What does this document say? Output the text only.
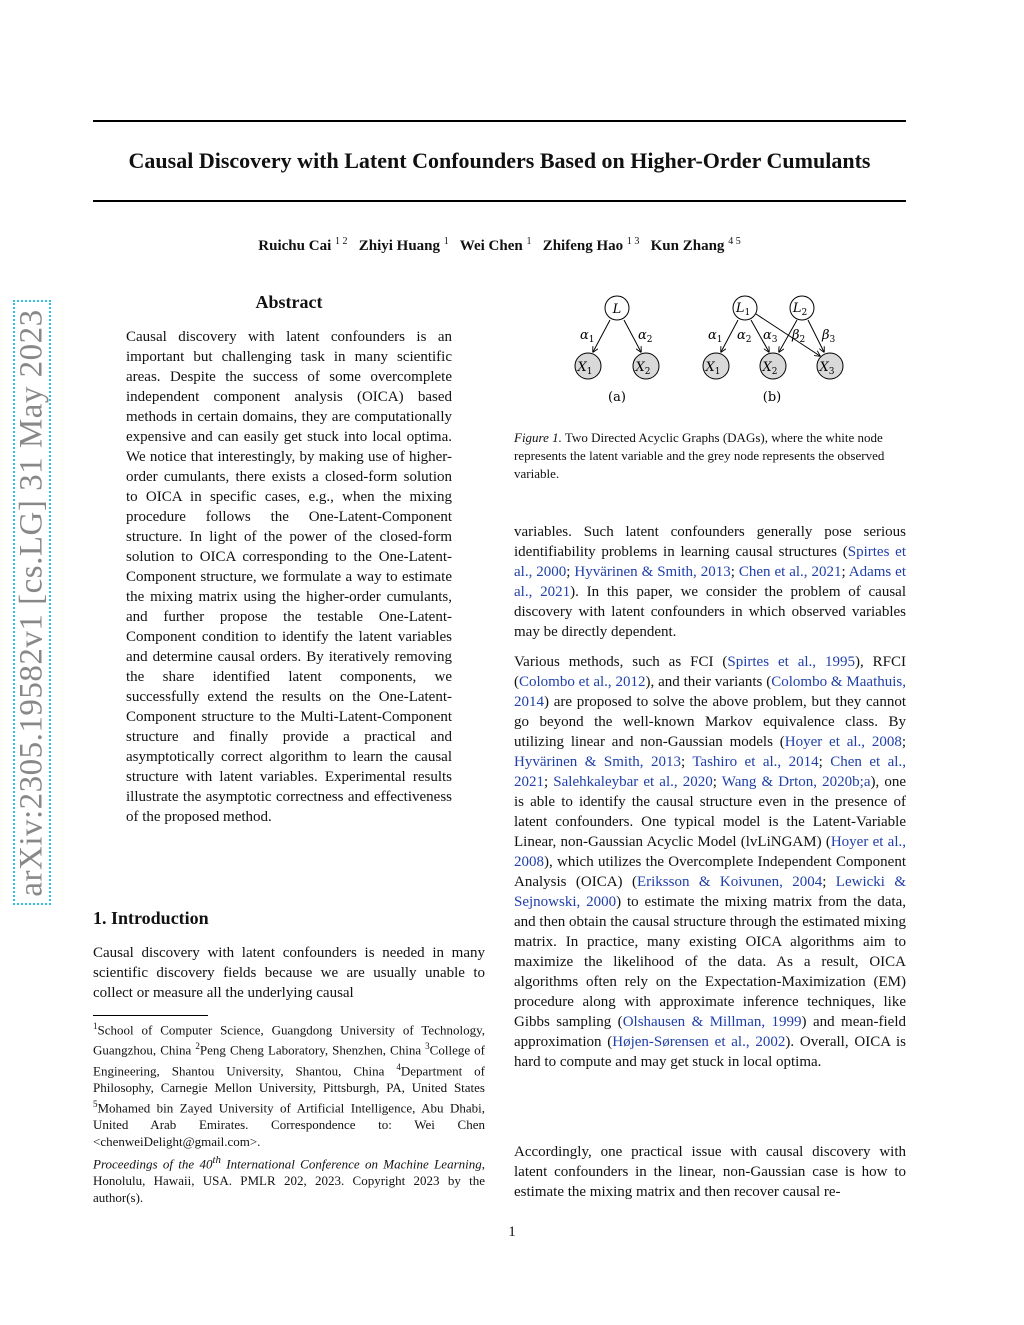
Causal Discovery with Latent Confounders Based on Higher-Order Cumulants
Ruichu Cai $^{1 2}$ Zhiyi Huang $^1$ Wei Chen $^1$ Zhifeng Hao $^{1 3}$ Kun Zhang $^{4 5}$
arXiv:2305.19582v1 [cs.LG] 31 May 2023
Abstract
Causal discovery with latent confounders is an important but challenging task in many scientific areas. Despite the success of some overcomplete independent component analysis (OICA) based methods in certain domains, they are computationally expensive and can easily get stuck into local optima. We notice that interestingly, by making use of higher-order cumulants, there exists a closed-form solution to OICA in specific cases, e.g., when the mixing procedure follows the One-Latent-Component structure. In light of the power of the closed-form solution to OICA corresponding to the One-Latent-Component structure, we formulate a way to estimate the mixing matrix using the higher-order cumulants, and further propose the testable One-Latent-Component condition to identify the latent variables and determine causal orders. By iteratively removing the share identified latent components, we successfully extend the results on the One-Latent-Component structure to the Multi-Latent-Component structure and finally provide a practical and asymptotically correct algorithm to learn the causal structure with latent variables. Experimental results illustrate the asymptotic correctness and effectiveness of the proposed method.
1. Introduction
Causal discovery with latent confounders is needed in many scientific discovery fields because we are usually unable to collect or measure all the underlying causal
$^1$School of Computer Science, Guangdong University of Technology, Guangzhou, China $^2$Peng Cheng Laboratory, Shenzhen, China $^3$College of Engineering, Shantou University, Shantou, China $^4$Department of Philosophy, Carnegie Mellon University, Pittsburgh, PA, United States $^5$Mohamed bin Zayed University of Artificial Intelligence, Abu Dhabi, United Arab Emirates. Correspondence to: Wei Chen <chenweiDelight@gmail.com>.
Proceedings of the 40th International Conference on Machine Learning, Honolulu, Hawaii, USA. PMLR 202, 2023. Copyright 2023 by the author(s).
L
$X_1$	$X_2$
$\alpha_1$	$\alpha_2$
(a)
$L_1$	$L_2$
$X_1$	$X_2$	$X_3$
$\alpha_1$ $\alpha_2$ $\alpha_3$ $\beta_2$ $\beta_3$
(b)
Figure 1. Two Directed Acyclic Graphs (DAGs), where the white node represents the latent variable and the grey node represents the observed variable.
variables. Such latent confounders generally pose serious identifiability problems in learning causal structures (Spirtes et al., 2000; Hyvärinen & Smith, 2013; Chen et al., 2021; Adams et al., 2021). In this paper, we consider the problem of causal discovery with latent confounders in which observed variables may be directly dependent.
Various methods, such as FCI (Spirtes et al., 1995), RFCI (Colombo et al., 2012), and their variants (Colombo & Maathuis, 2014) are proposed to solve the above problem, but they cannot go beyond the well-known Markov equivalence class. By utilizing linear and non-Gaussian models (Hoyer et al., 2008; Hyvärinen & Smith, 2013; Tashiro et al., 2014; Chen et al., 2021; Salehkaleybar et al., 2020; Wang & Drton, 2020b;a), one is able to identify the causal structure even in the presence of latent confounders. One typical model is the Latent-Variable Linear, non-Gaussian Acyclic Model (lvLiNGAM) (Hoyer et al., 2008), which utilizes the Overcomplete Independent Component Analysis (OICA) (Eriksson & Koivunen, 2004; Lewicki & Sejnowski, 2000) to estimate the mixing matrix from the data, and then obtain the causal structure through the estimated mixing matrix. In practice, many existing OICA algorithms aim to maximize the likelihood of the data. As a result, OICA algorithms often rely on the Expectation-Maximization (EM) procedure along with approximate inference techniques, like Gibbs sampling (Olshausen & Millman, 1999) and mean-field approximation (Højen-Sørensen et al., 2002). Overall, OICA is hard to compute and may get stuck in local optima.
Accordingly, one practical issue with causal discovery with latent confounders in the linear, non-Gaussian case is how to estimate the mixing matrix and then recover causal re-
1
